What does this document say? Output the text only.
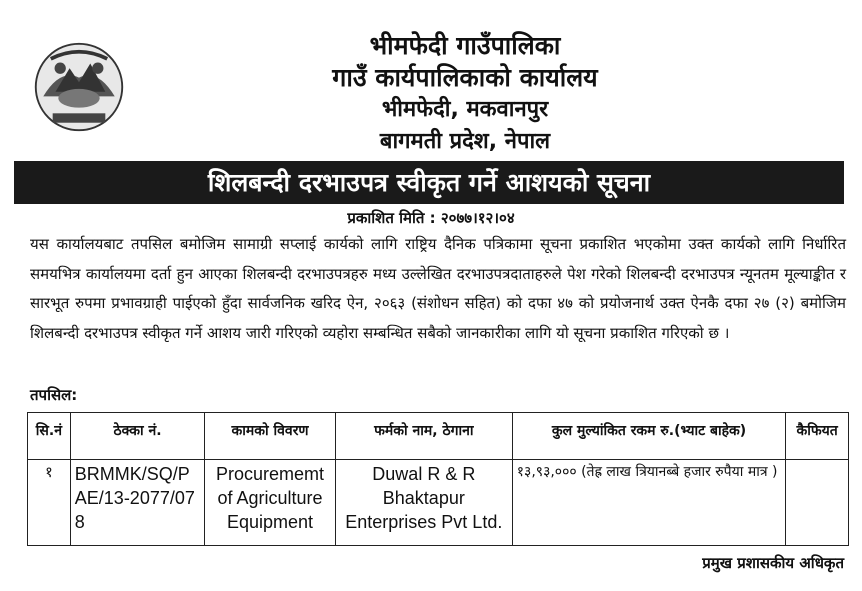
भीमफेदी गाउँपालिका
गाउँ कार्यपालिकाको कार्यालय
भीमफेदी, मकवानपुर
बागमती प्रदेश, नेपाल
शिलबन्दी दरभाउपत्र स्वीकृत गर्ने आशयको सूचना
प्रकाशित मिति : २०७७।१२।०४
यस कार्यालयबाट तपसिल बमोजिम सामाग्री सप्लाई कार्यको लागि राष्ट्रिय दैनिक पत्रिकामा सूचना प्रकाशित भएकोमा उक्त कार्यको लागि निर्धारित समयभित्र कार्यालयमा दर्ता हुन आएका शिलबन्दी दरभाउपत्रहरु मध्य उल्लेखित दरभाउपत्रदाताहरुले पेश गरेको शिलबन्दी दरभाउपत्र न्यूनतम मूल्याङ्कीत र सारभूत रुपमा प्रभावग्राही पाईएको हुँदा सार्वजनिक खरिद ऐन, २०६३ (संशोधन सहित) को दफा ४७ को प्रयोजनार्थ उक्त ऐनकै दफा २७ (२) बमोजिम शिलबन्दी दरभाउपत्र स्वीकृत गर्ने आशय जारी गरिएको व्यहोरा सम्बन्धित सबैको जानकारीका लागि यो सूचना प्रकाशित गरिएको छ ।
तपसिल:
सि.नं	ठेक्का नं.	कामको विवरण	फर्मको नाम, ठेगाना	कुल मुल्यांकित रकम रु.(भ्याट बाहेक)	कैफियत
१	BRMMK/SQ/PAE/13-2077/078	Procurememt of Agriculture Equipment	Duwal R & R Bhaktapur Enterprises Pvt Ltd.	१३,९३,००० (तेह्र लाख त्रियानब्बे हजार रुपैया मात्र )	
प्रमुख प्रशासकीय अधिकृत
